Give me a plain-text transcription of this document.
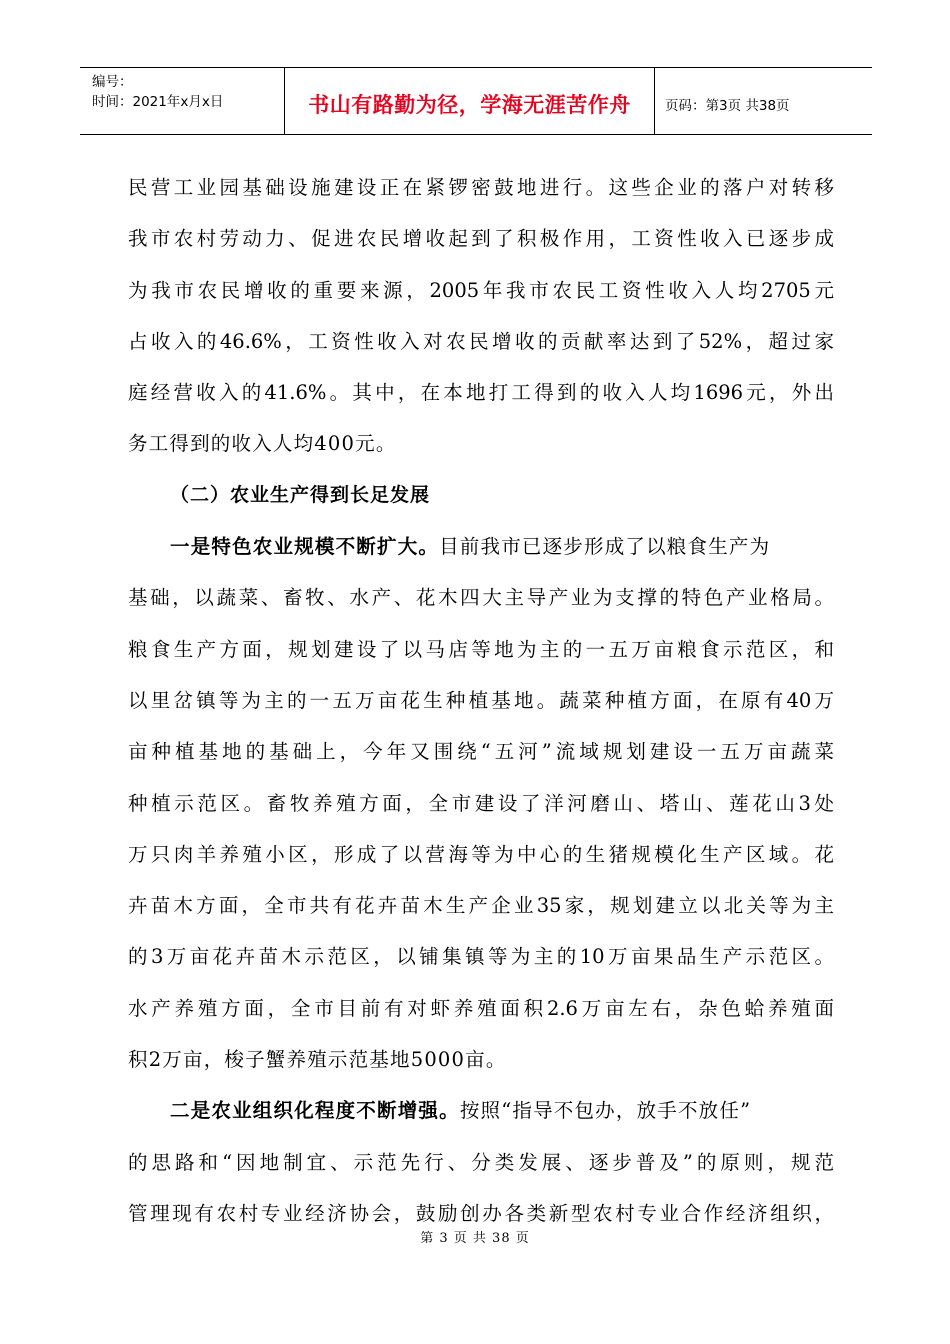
编号：
时间：2021年x月x日	书山有路勤为径，学海无涯苦作舟	页码：第3页 共38页
民营工业园基础设施建设正在紧锣密鼓地进行。这些企业的落户对转移
我市农村劳动力、促进农民增收起到了积极作用，工资性收入已逐步成
为我市农民增收的重要来源，2005年我市农民工资性收入人均2705元
占收入的46.6%，工资性收入对农民增收的贡献率达到了52%，超过家
庭经营收入的41.6%。其中，在本地打工得到的收入人均1696元，外出
务工得到的收入人均400元。
（二）农业生产得到长足发展
一是特色农业规模不断扩大。目前我市已逐步形成了以粮食生产为
基础，以蔬菜、畜牧、水产、花木四大主导产业为支撑的特色产业格局。
粮食生产方面，规划建设了以马店等地为主的一五万亩粮食示范区，和
以里岔镇等为主的一五万亩花生种植基地。蔬菜种植方面，在原有40万
亩种植基地的基础上，今年又围绕“五河”流域规划建设一五万亩蔬菜
种植示范区。畜牧养殖方面，全市建设了洋河磨山、塔山、莲花山3处
万只肉羊养殖小区，形成了以营海等为中心的生猪规模化生产区域。花
卉苗木方面，全市共有花卉苗木生产企业35家，规划建立以北关等为主
的3万亩花卉苗木示范区，以铺集镇等为主的10万亩果品生产示范区。
水产养殖方面，全市目前有对虾养殖面积2.6万亩左右，杂色蛤养殖面
积2万亩，梭子蟹养殖示范基地5000亩。
二是农业组织化程度不断增强。按照“指导不包办，放手不放任”
的思路和“因地制宜、示范先行、分类发展、逐步普及”的原则，规范
管理现有农村专业经济协会，鼓励创办各类新型农村专业合作经济组织，
第 3 页 共 38 页
